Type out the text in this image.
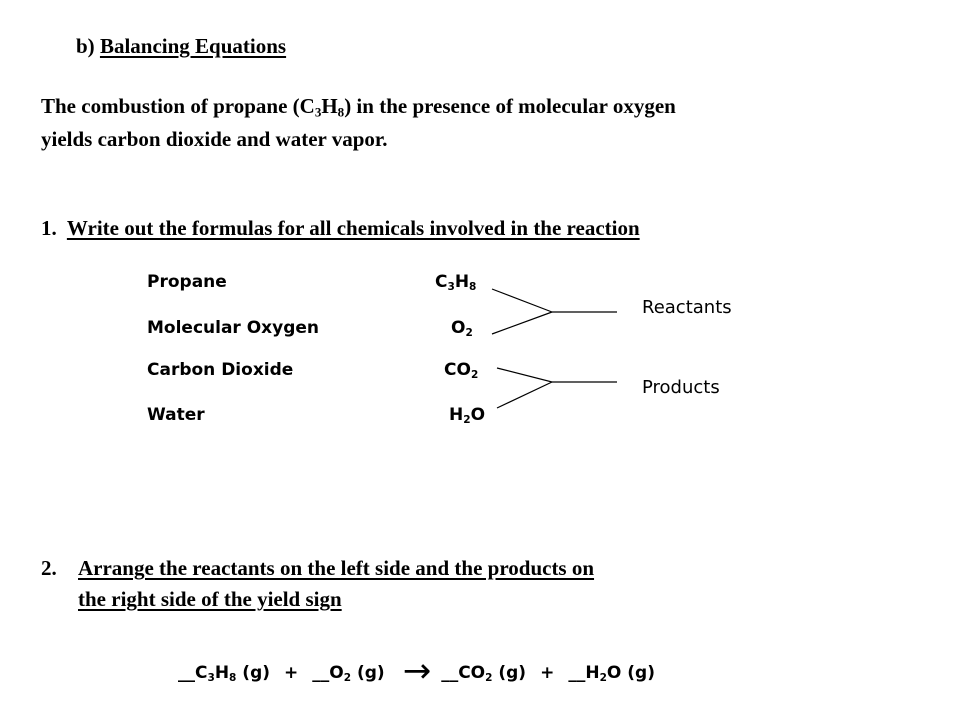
b) Balancing Equations
The combustion of propane $(C_3H_8)$ in the presence of molecular oxygen
yields carbon dioxide and water vapor.
1.  Write out the formulas for all chemicals involved in the reaction
Propane
Molecular Oxygen
Carbon Dioxide
Water
$C_3H_8$
$O_2$
$CO_2$
$H_2O$
Reactants
Products
2. Arrange the reactants on the left side and the products on
the right side of the yield sign
$\_\_C_3H_8$ $(g) + \_\_O_2$ $(g) \to \_\_CO_2$ $(g) + \_\_H_2O$ (g)
